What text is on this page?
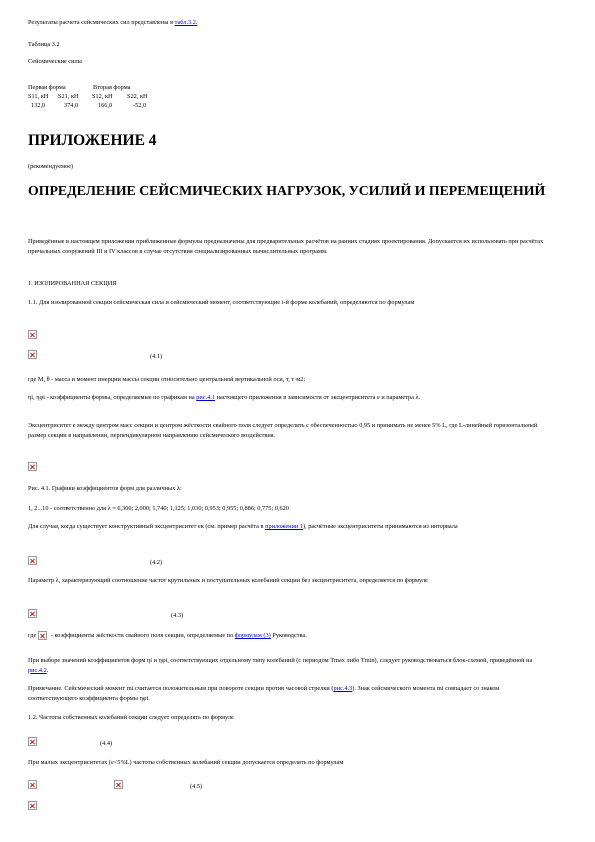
Результаты расчета сейсмических сил представлены в табл.3.2.
Таблица 3.2
Сейсмические силы
Первая форма	Вторая форма
S11, кН	S21, кН	S12, кН	S22, кН
132,0	374,0	166,0	-52,0
ПРИЛОЖЕНИЕ 4
(рекомендуемое)
ОПРЕДЕЛЕНИЕ СЕЙСМИЧЕСКИХ НАГРУЗОК, УСИЛИЙ И ПЕРЕМЕЩЕНИЙ
Приведённые в настоящем приложении приближенные формулы предназначены для предварительных расчётов на ранних стадиях проектирования. Допускается их использовать при расчётах причальных сооружений III и IV классов в случае отсутствия специализированных вычислительных программ.
1. ИЗОЛИРОВАННАЯ СЕКЦИЯ
1.1. Для изолированной секции сейсмическая сила и сейсмический момент, соответствующие i-й форме колебаний, определяются по формулам
(4.1)
где М, θ - масса и момент инерции массы секции относительно центральной вертикальной оси, т, т·м2;
ηi, ηφi - коэффициенты формы, определяемые по графикам на рис.4.1 настоящего приложения в зависимости от эксцентриситета е и параметра λ.
Эксцентриситет е между центром масс секции и центром жёсткости свайного поля следует определять с обеспеченностью 0,95 и принимать не менее 5% L, где L-линейный горизонтальный размер секции в направлении, перпендикулярном направлению сейсмического воздействия.
Рис. 4.1. Графики коэффициентов форм для различных λ:
1, 2...10 - соответственно для λ = 6,300; 2,000; 1,740; 1,125; 1,030; 0,953; 0,955; 0,886; 0,775; 0,620
Для случая, когда существует конструктивный эксцентриситет ек (см. пример расчёта в приложении 1), расчётные эксцентриситеты принимаются из интервала
(4.2)
Параметр λ, характеризующий соотношение частот крутильных и поступательных колебаний секции без эксцентриситета, определяется по формуле
(4.3)
где - коэффициенты жёсткости свайного поля секции, определяемые по формулам (3) Руководства.
При выборе значений коэффициентов форм ηi и ηφi, соответствующих отдельному типу колебаний (с периодом Tmax либо Tmin), следует руководствоваться блок-схемой, приведённой на рис.4.2.
Примечание. Сейсмический момент mi считается положительным при повороте секции против часовой стрелки (рис.4.3). Знак сейсмического момента mi совпадает со знаком соответствующего коэффициента формы ηφi.
1.2. Частоты собственных колебаний секции следует определять по формуле
(4.4)
При малых эксцентриситетах (e<5%L) частоты собственных колебаний секции допускается определять по формулам
(4.5)
